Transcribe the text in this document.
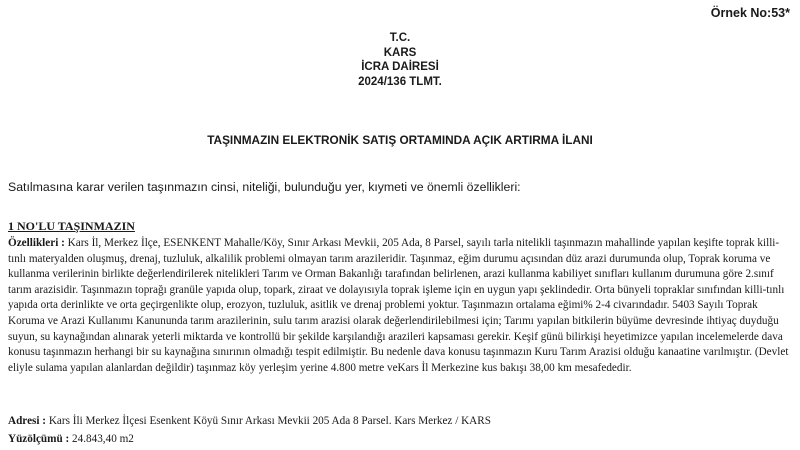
Örnek No:53*
T.C.
KARS
İCRA DAİRESİ
2024/136 TLMT.
TAŞINMAZIN ELEKTRONİK SATIŞ ORTAMINDA AÇIK ARTIRMA İLANI
Satılmasına karar verilen taşınmazın cinsi, niteliği, bulunduğu yer, kıymeti ve önemli özellikleri:
1 NO'LU TAŞINMAZIN

Özellikleri : Kars İl, Merkez İlçe, ESENKENT Mahalle/Köy, Sınır Arkası Mevkii, 205 Ada, 8 Parsel, sayılı tarla nitelikli taşınmazın mahallinde yapılan keşifte toprak killi-tınlı materyalden oluşmuş, drenaj, tuzluluk, alkalilik problemi olmayan tarım arazileridir. Taşınmaz, eğim durumu açısından düz arazi durumunda olup, Toprak koruma ve kullanma verilerinin birlikte değerlendirilerek nitelikleri Tarım ve Orman Bakanlığı tarafından belirlenen, arazi kullanma kabiliyet sınıfları kullanım durumuna göre 2.sınıf tarım arazisidir. Taşınmazın toprağı granüle yapıda olup, topark, ziraat ve dolayısıyla toprak işleme için en uygun yapı şeklindedir. Orta bünyeli topraklar sınıfından killi-tınlı yapıda orta derinlikte ve orta geçirgenlikte olup, erozyon, tuzluluk, asitlik ve drenaj problemi yoktur. Taşınmazın ortalama eğimi% 2-4 civarındadır. 5403 Sayılı Toprak Koruma ve Arazi Kullanımı Kanununda tarım arazilerinin, sulu tarım arazisi olarak değerlendirilebilmesi için; Tarımı yapılan bitkilerin büyüme devresinde ihtiyaç duyduğu suyun, su kaynağından alınarak yeterli miktarda ve kontrollü bir şekilde karşılandığı arazileri kapsaması gerekir. Keşif günü bilirkişi heyetimizce yapılan incelemelerde dava konusu taşınmazın herhangi bir su kaynağına sınırının olmadığı tespit edilmiştir. Bu nedenle dava konusu taşınmazın Kuru Tarım Arazisi olduğu kanaatine varılmıştır. (Devlet eliyle sulama yapılan alanlardan değildir) taşınmaz köy yerleşim yerine 4.800 metre veKars İl Merkezine kus bakışı 38,00 km mesafededir.

Adresi : Kars İli Merkez İlçesi Esenkent Köyü Sınır Arkası Mevkii 205 Ada 8 Parsel. Kars Merkez / KARS
Yüzölçümü : 24.843,40 m2
